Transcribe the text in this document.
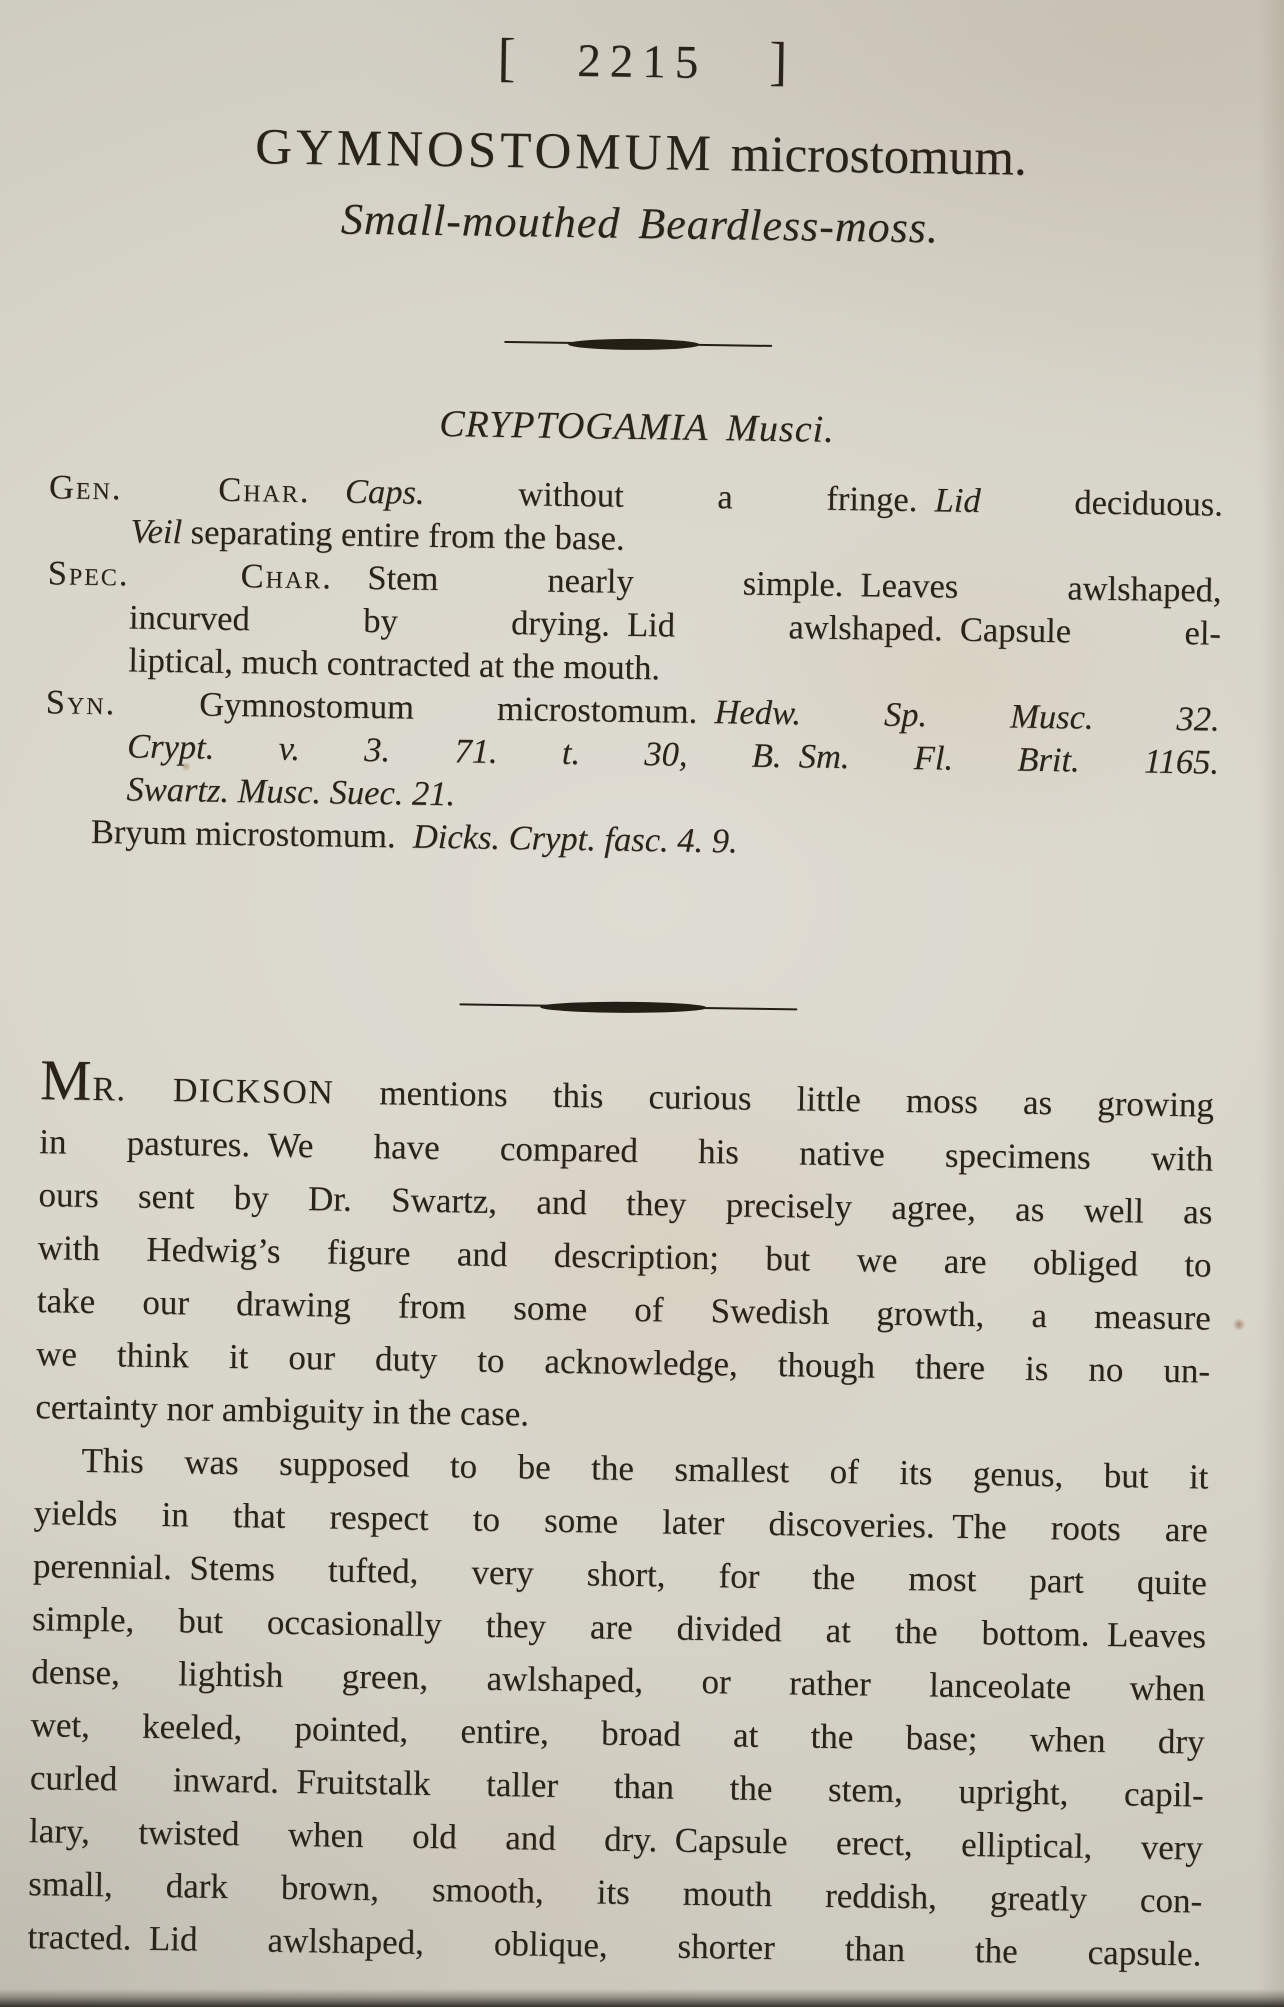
[ 2215 ]
GYMNOSTOMUM microstomum.
Small-mouthed Beardless-moss.
CRYPTOGAMIA Musci.
Gen. Char.  Caps. without a fringe. Lid deciduous.
Veil separating entire from the base.
Spec. Char. Stem nearly simple. Leaves awlshaped,
incurved by drying. Lid awlshaped. Capsule el-
liptical, much contracted at the mouth.
Syn. Gymnostomum microstomum. Hedw. Sp. Musc. 32.
Crypt. v. 3. 71. t. 30, B.  Sm. Fl. Brit. 1165.
Swartz. Musc. Suec. 21.
Bryum microstomum. Dicks. Crypt. fasc. 4. 9.
MR. DICKSON mentions this curious little moss as growing
in pastures. We have compared his native specimens with
ours sent by Dr. Swartz, and they precisely agree, as well as
with Hedwig’s figure and description; but we are obliged to
take our drawing from some of Swedish growth, a measure
we think it our duty to acknowledge, though there is no un-
certainty nor ambiguity in the case.
This was supposed to be the smallest of its genus, but it
yields in that respect to some later discoveries. The roots are
perennial. Stems tufted, very short, for the most part quite
simple, but occasionally they are divided at the bottom. Leaves
dense, lightish green, awlshaped, or rather lanceolate when
wet, keeled, pointed, entire, broad at the base; when dry
curled inward. Fruitstalk taller than the stem, upright, capil-
lary, twisted when old and dry. Capsule erect, elliptical, very
small, dark brown, smooth, its mouth reddish, greatly con-
tracted. Lid awlshaped, oblique, shorter than the capsule.
